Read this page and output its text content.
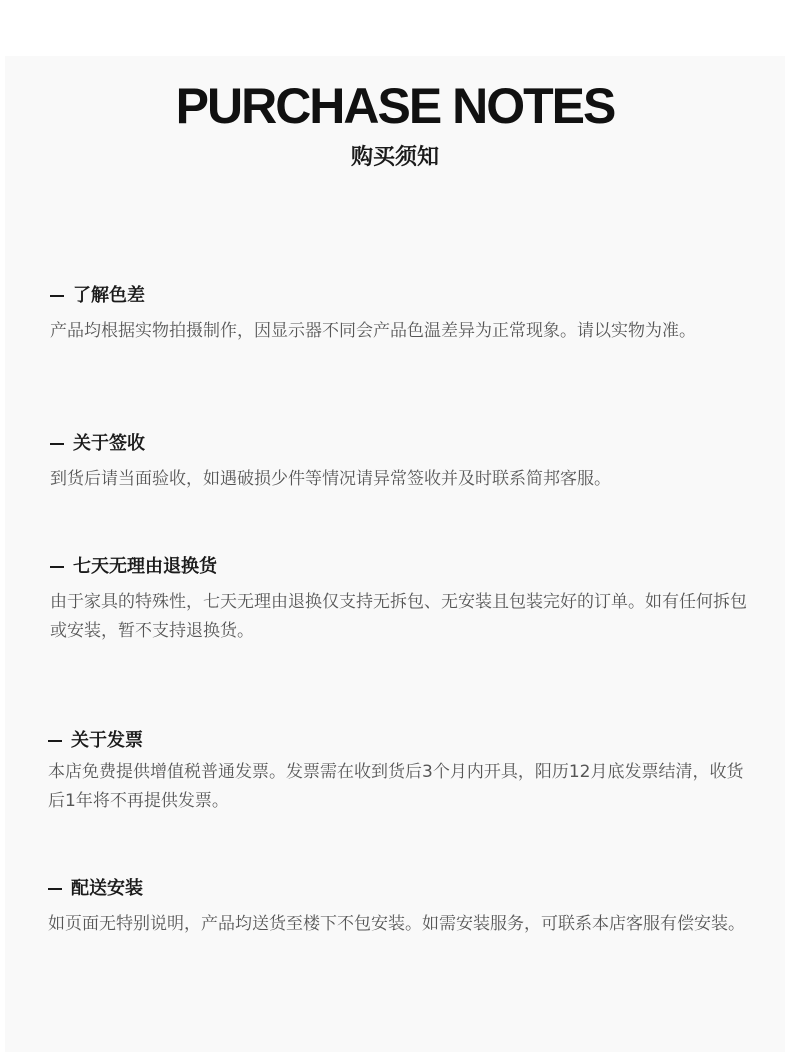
PURCHASE NOTES
购买须知
了解色差

产品均根据实物拍摄制作，因显示器不同会产品色温差异为正常现象。请以实物为准。

关于签收

到货后请当面验收，如遇破损少件等情况请异常签收并及时联系简邦客服。

七天无理由退换货

由于家具的特殊性，七天无理由退换仅支持无拆包、无安装且包装完好的订单。如有任何拆包或安装，暂不支持退换货。

关于发票

本店免费提供增值税普通发票。发票需在收到货后3个月内开具，阳历12月底发票结清，收货后1年将不再提供发票。

配送安装

如页面无特别说明，产品均送货至楼下不包安装。如需安装服务，可联系本店客服有偿安装。
